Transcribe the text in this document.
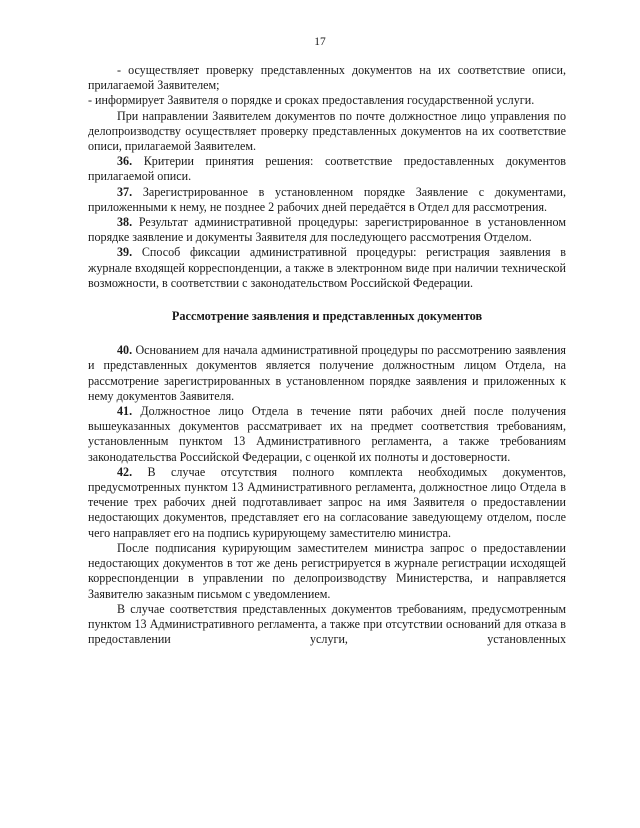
17

- осуществляет проверку представленных документов на их соответствие описи, прилагаемой Заявителем;

- информирует Заявителя о порядке и сроках предоставления государственной услуги.

При направлении Заявителем документов по почте должностное лицо управления по делопроизводству осуществляет проверку представленных документов на их соответствие описи, прилагаемой Заявителем.

36. Критерии принятия решения: соответствие предоставленных документов прилагаемой описи.

37. Зарегистрированное в установленном порядке Заявление с документами, приложенными к нему, не позднее 2 рабочих дней передаётся в Отдел для рассмотрения.

38. Результат административной процедуры: зарегистрированное в установленном порядке заявление и документы Заявителя для последующего рассмотрения Отделом.

39. Способ фиксации административной процедуры: регистрация заявления в журнале входящей корреспонденции, а также в электронном виде при наличии технической возможности, в соответствии с законодательством Российской Федерации.

Рассмотрение заявления и представленных документов

40. Основанием для начала административной процедуры по рассмотрению заявления и представленных документов является получение должностным лицом Отдела, на рассмотрение зарегистрированных в установленном порядке заявления и приложенных к нему документов Заявителя.

41. Должностное лицо Отдела в течение пяти рабочих дней после получения вышеуказанных документов рассматривает их на предмет соответствия требованиям, установленным пунктом 13 Административного регламента, а также требованиям законодательства Российской Федерации, с оценкой их полноты и достоверности.

42. В случае отсутствия полного комплекта необходимых документов, предусмотренных пунктом 13 Административного регламента, должностное лицо Отдела в течение трех рабочих дней подготавливает запрос на имя Заявителя о предоставлении недостающих документов, представляет его на согласование заведующему отделом, после чего направляет его на подпись курирующему заместителю министра.

После подписания курирующим заместителем министра запрос о предоставлении недостающих документов в тот же день регистрируется в журнале регистрации исходящей корреспонденции в управлении по делопроизводству Министерства, и направляется Заявителю заказным письмом с уведомлением.

В случае соответствия представленных документов требованиям, предусмотренным пунктом 13 Административного регламента, а также при отсутствии оснований для отказа в предоставлении услуги, установленных
